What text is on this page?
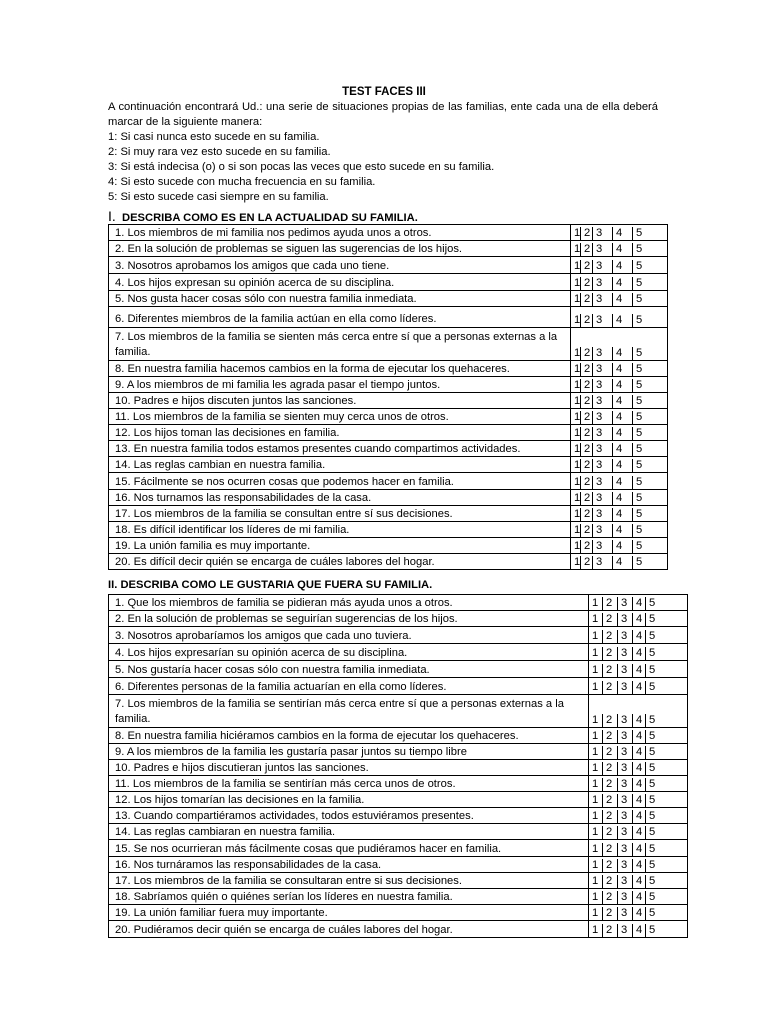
TEST FACES III

A continuación encontrará Ud.: una serie de situaciones propias de las familias, ente cada una de ella deberá marcar de la siguiente manera:

1: Si casi nunca esto sucede en su familia.

2: Si muy rara vez esto sucede en su familia.

3: Si está indecisa (o) o si son pocas las veces que esto sucede en su familia.

4: Si esto sucede con mucha frecuencia en su familia.

5: Si esto sucede casi siempre en su familia.

I. DESCRIBA COMO ES EN LA ACTUALIDAD SU FAMILIA.
1. Los miembros de mi familia nos pedimos ayuda unos a otros.	1 2 3 4 5

2. En la solución de problemas se siguen las sugerencias de los hijos.	1 2 3 4 5

3. Nosotros aprobamos los amigos que cada uno tiene.	1 2 3 4 5

4. Los hijos expresan su opinión acerca de su disciplina.	1 2 3 4 5

5. Nos gusta hacer cosas sólo con nuestra familia inmediata.	1 2 3 4 5

6. Diferentes miembros de la familia actúan en ella como líderes.	1 2 3 4 5

7. Los miembros de la familia se sienten más cerca entre sí que a personas externas a la familia.	1 2 3 4 5

8. En nuestra familia hacemos cambios en la forma de ejecutar los quehaceres.	1 2 3 4 5

9. A los miembros de mi familia les agrada pasar el tiempo juntos.	1 2 3 4 5

10. Padres e hijos discuten juntos las sanciones.	1 2 3 4 5

11. Los miembros de la familia se sienten muy cerca unos de otros.	1 2 3 4 5

12. Los hijos toman las decisiones en familia.	1 2 3 4 5

13. En nuestra familia todos estamos presentes cuando compartimos actividades.	1 2 3 4 5

14. Las reglas cambian en nuestra familia.	1 2 3 4 5

15. Fácilmente se nos ocurren cosas que podemos hacer en familia.	1 2 3 4 5

16. Nos turnamos las responsabilidades de la casa.	1 2 3 4 5

17. Los miembros de la familia se consultan entre sí sus decisiones.	1 2 3 4 5

18. Es difícil identificar los líderes de mi familia.	1 2 3 4 5

19. La unión familia es muy importante.	1 2 3 4 5

20. Es difícil decir quién se encarga de cuáles labores del hogar.	1 2 3 4 5
II. DESCRIBA COMO LE GUSTARIA QUE FUERA SU FAMILIA.
1. Que los miembros de familia se pidieran más ayuda unos a otros.	1 2 3 4 5

2. En la solución de problemas se seguirían sugerencias de los hijos.	1 2 3 4 5

3. Nosotros aprobaríamos los amigos que cada uno tuviera.	1 2 3 4 5

4. Los hijos expresarían su opinión acerca de su disciplina.	1 2 3 4 5

5. Nos gustaría hacer cosas sólo con nuestra familia inmediata.	1 2 3 4 5

6. Diferentes personas de la familia actuarían en ella como líderes.	1 2 3 4 5

7. Los miembros de la familia se sentirían más cerca entre sí que a personas externas a la familia.	1 2 3 4 5

8. En nuestra familia hiciéramos cambios en la forma de ejecutar los quehaceres.	1 2 3 4 5

9. A los miembros de la familia les gustaría pasar juntos su tiempo libre	1 2 3 4 5

10. Padres e hijos discutieran juntos las sanciones.	1 2 3 4 5

11. Los miembros de la familia se sentirían más cerca unos de otros.	1 2 3 4 5

12. Los hijos tomarían las decisiones en la familia.	1 2 3 4 5

13. Cuando compartiéramos actividades, todos estuviéramos presentes.	1 2 3 4 5

14. Las reglas cambiaran en nuestra familia.	1 2 3 4 5

15. Se nos ocurrieran más fácilmente cosas que pudiéramos hacer en familia.	1 2 3 4 5

16. Nos turnáramos las responsabilidades de la casa.	1 2 3 4 5

17. Los miembros de la familia se consultaran entre si sus decisiones.	1 2 3 4 5

18. Sabríamos quién o quiénes serían los líderes en nuestra familia.	1 2 3 4 5

19. La unión familiar fuera muy importante.	1 2 3 4 5

20. Pudiéramos decir quién se encarga de cuáles labores del hogar.	1 2 3 4 5
